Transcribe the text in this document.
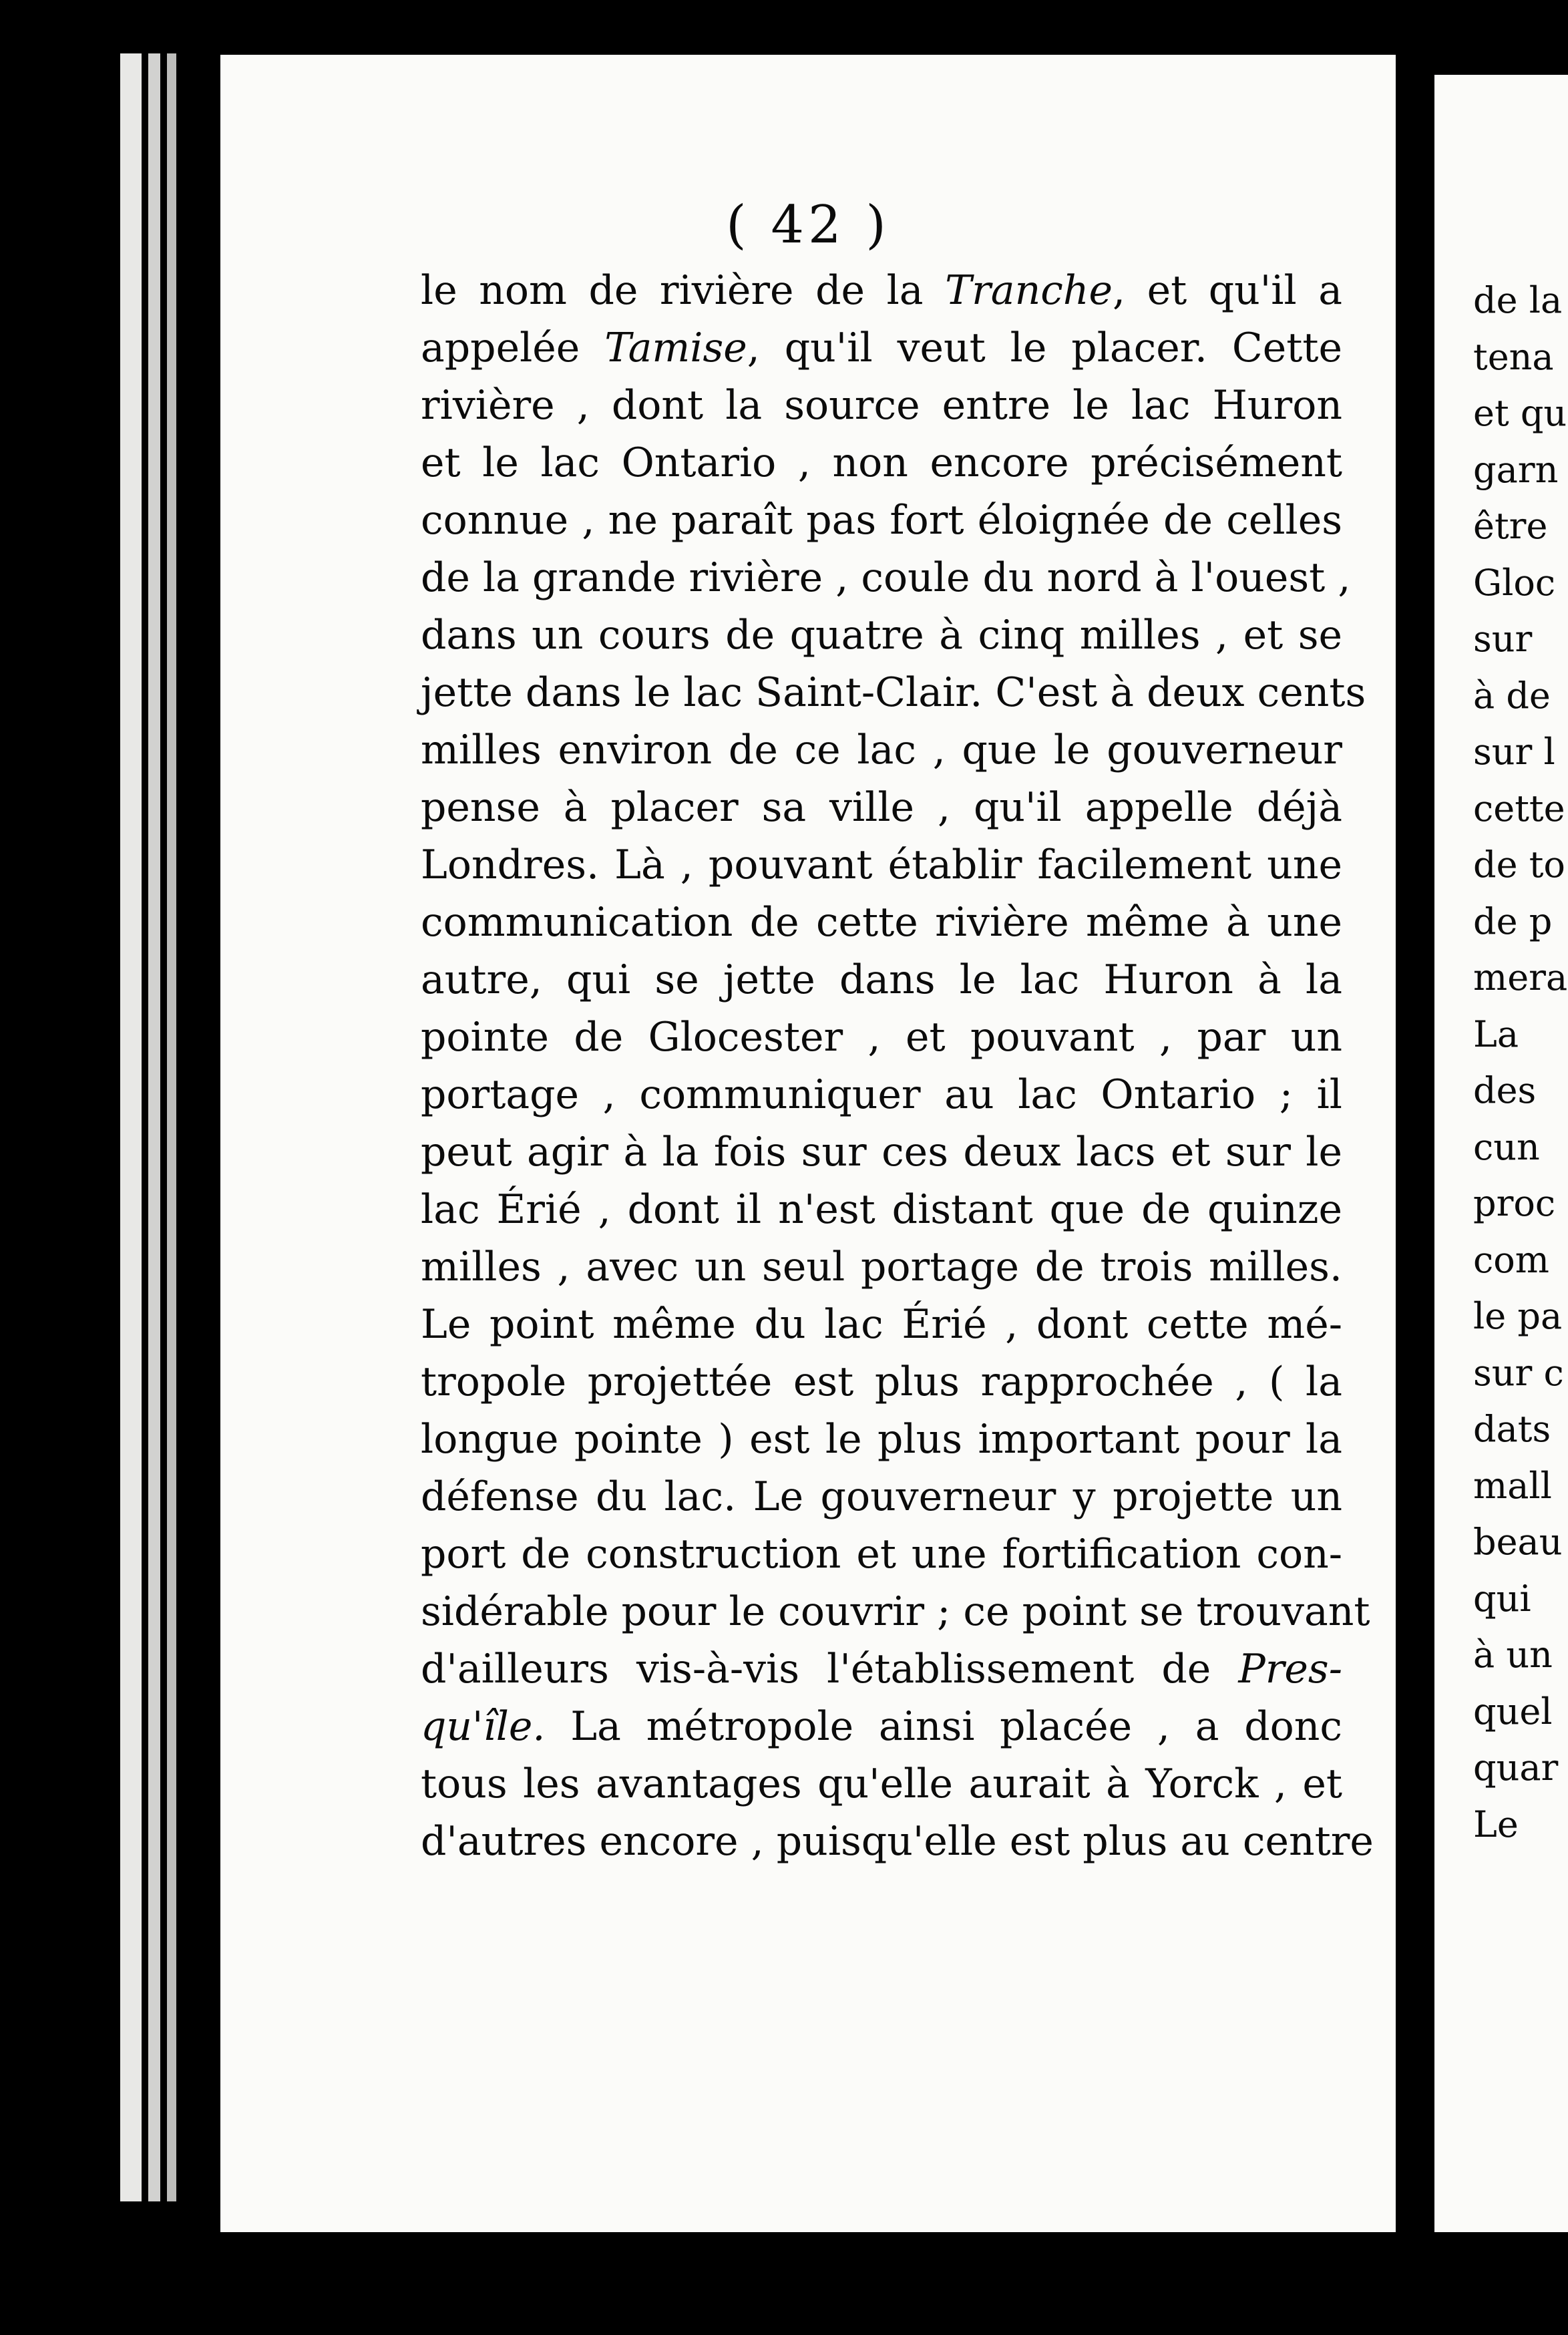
( 42 )
le nom de rivière de la Tranche, et qu'il a
appelée Tamise, qu'il veut le placer. Cette
rivière , dont la source entre le lac Huron
et le lac Ontario , non encore précisément
connue , ne paraît pas fort éloignée de celles
de la grande rivière , coule du nord à l'ouest ,
dans un cours de quatre à cinq milles , et se
jette dans le lac Saint-Clair. C'est à deux cents
milles environ de ce lac , que le gouverneur
pense à placer sa ville , qu'il appelle déjà
Londres. Là , pouvant établir facilement une
communication de cette rivière même à une
autre, qui se jette dans le lac Huron à la
pointe de Glocester , et pouvant , par un
portage , communiquer au lac Ontario ; il
peut agir à la fois sur ces deux lacs et sur le
lac Érié , dont il n'est distant que de quinze
milles , avec un seul portage de trois milles.
Le point même du lac Érié , dont cette mé-
tropole projettée est plus rapprochée , ( la
longue pointe ) est le plus important pour la
défense du lac. Le gouverneur y projette un
port de construction et une fortification con-
sidérable pour le couvrir ; ce point se trouvant
d'ailleurs vis-à-vis l'établissement de Pres-
qu'île. La métropole ainsi placée , a donc
tous les avantages qu'elle aurait à Yorck , et
d'autres encore , puisqu'elle est plus au centre
de la
tena
et qu
garn
être
Gloc
sur
à de
sur l
cette
de to
de p
mera
La
des
cun
proc
com
le pa
sur c
dats
mall
beau
qui
à un
quel
quar
Le
